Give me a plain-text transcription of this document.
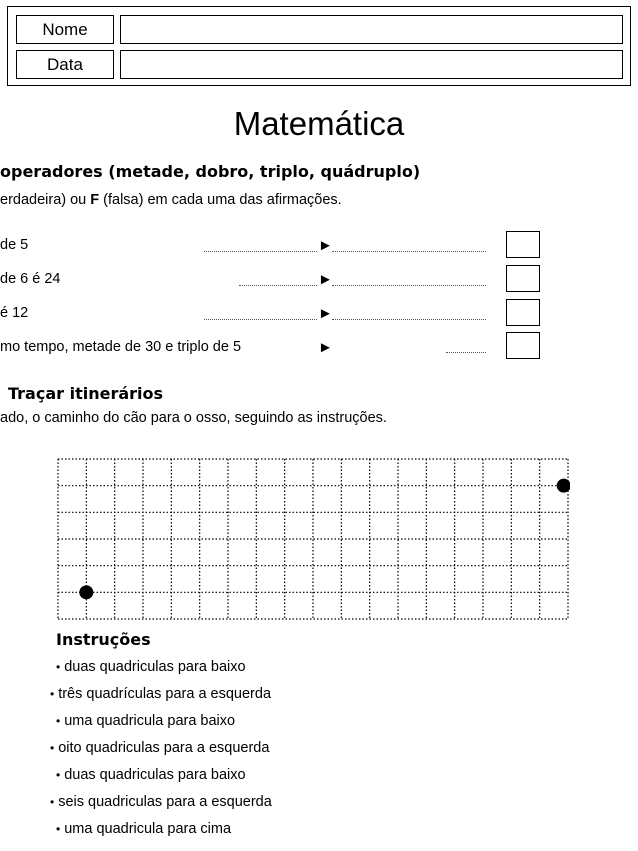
Nome
Data
Matemática
operadores (metade, dobro, triplo, quádruplo)
erdadeira) ou F (falsa) em cada uma das afirmações.
de 5	►
de 6 é 24	►
é 12	►
mo tempo, metade de 30 e triplo de 5	►
Traçar itinerários
ado, o caminho do cão para o osso, seguindo as instruções.
Instruções
• duas quadriculas para baixo
• três quadrículas para a esquerda
• uma quadricula para baixo
• oito quadriculas para a esquerda
• duas quadriculas para baixo
• seis quadriculas para a esquerda
• uma quadricula para cima
